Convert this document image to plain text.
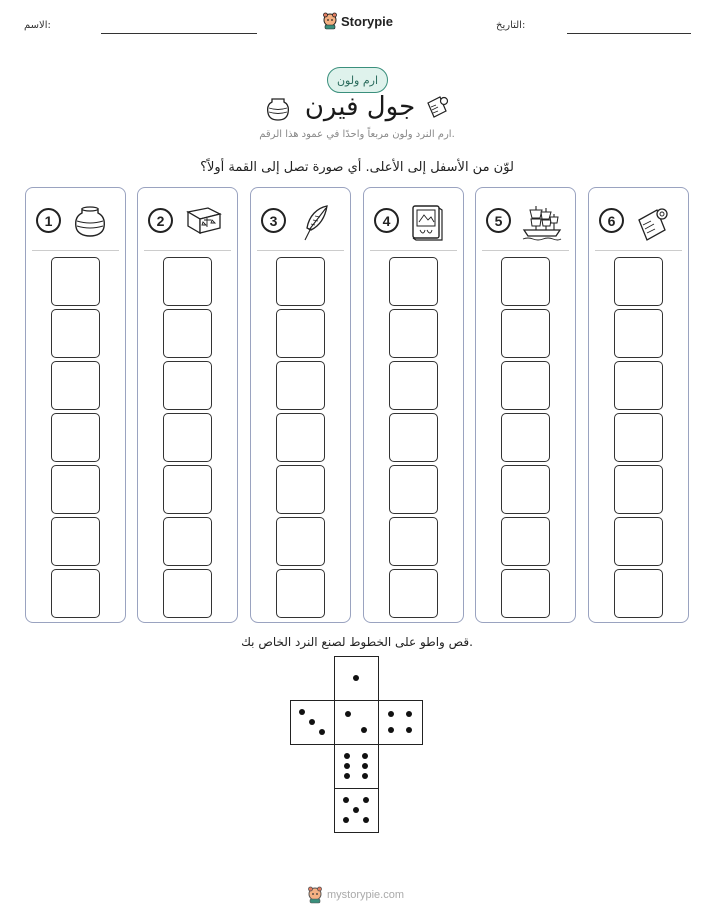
الاسم:	التاريخ:
Storypie
ارم ولون
جول فيرن
ارم النرد ولون مربعاً واحدًا في عمود هذا الرقم.
لوّن من الأسفل إلى الأعلى. أي صورة تصل إلى القمة أولاً؟
1	2	3	4	5	6
قص واطو على الخطوط لصنع النرد الخاص بك.
mystorypie.com
